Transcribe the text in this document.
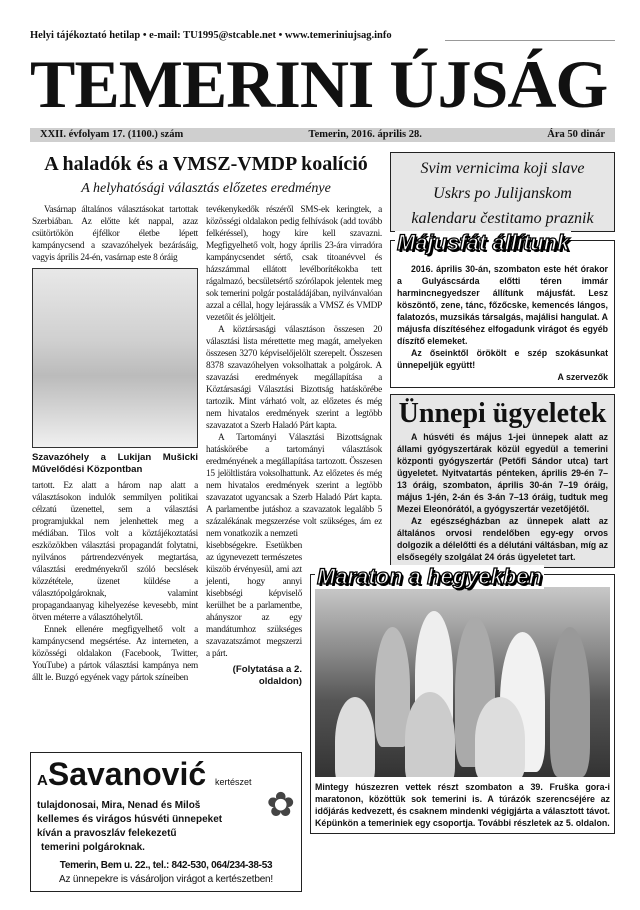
Helyi tájékoztató hetilap • e-mail: TU1995@stcable.net • www.temeriniujsag.info
TEMERINI ÚJSÁG
XXII. évfolyam 17. (1100.) szám	Temerin, 2016. április 28.	Ára 50 dinár
A haladók és a VMSZ-VMDP koalíció
A helyhatósági választás előzetes eredménye

Vasárnap általános választásokat tartottak Szerbiában. Az előtte két nappal, azaz csütörtökön éjfélkor életbe lépett kampánycsend a szavazóhelyek bezárásáig, vagyis április 24-én, vasárnap este 8 óráig

Szavazóhely a Lukijan Mušicki Művelődési Központban

tartott. Ez alatt a három nap alatt a választásokon indulók semmilyen politikai célzatú üzenettel, sem a választási programjukkal nem jelenhettek meg a médiában. Tilos volt a köztájékoztatási eszközökben választási propagandát folytatni, nyilvános pártrendezvények megtartása, választási eredményekről szóló becslések közzététele, üzenet küldése a választópolgároknak, valamint propagandaanyag kihelyezése kevesebb, mint ötven méterre a választóhelytől.

Ennek ellenére megfigyelhető volt a kampánycsend megsértése. Az interneten, a közösségi oldalakon (Facebook, Twitter, YouTube) a pártok választási kampánya nem állt le. Buzgó egyének vagy pártok színeiben

tevékenykedők részéről SMS-ek keringtek, a közösségi oldalakon pedig felhívások (add tovább felkéréssel), hogy kire kell szavazni. Megfigyelhető volt, hogy április 23-ára virradóra kampánycsendet sértő, csak titoanévvel és házszámmal ellátott levélborítékokba tett rágalmazó, becsületsértő szórólapok jelentek meg sok temerini polgár postaládájában, nyilvánvalóan azzal a céllal, hogy lejárassák a VMSZ és VMDP vezetőit és jelöltjeit.

A köztársasági választáson összesen 20 választási lista mérettette meg magát, amelyeken összesen 3270 képviselőjelölt szerepelt. Összesen 8378 szavazóhelyen voksolhattak a polgárok. A szavazási eredmények megállapítása a Köztársasági Választási Bizottság hatáskörébe tartozik. Mint várható volt, az előzetes és még nem hivatalos eredmények szerint a legtöbb szavazatot a Szerb Haladó Párt kapta.

A Tartományi Választási Bizottságnak hatáskörébe a tartományi választások eredményének a megállapítása tartozott. Összesen 15 jelöltlistára voksolhattunk. Az előzetes és még nem hivatalos eredmények szerint a legtöbb szavazatot ugyancsak a Szerb Haladó Párt kapta. A parlamentbe jutáshoz a szavazatok legalább 5 százalékának megszerzése volt szükséges, ám ez nem vonatkozik a nemzeti

kisebbségekre. Esetükben az úgynevezett természetes küszöb érvényesül, ami azt jelenti, hogy annyi kisebbségi képviselő kerülhet be a parlamentbe, ahányszor az egy mandátumhoz szükséges szavazatszámot megszerzi a párt.

(Folytatása a 2. oldaldon)
Svim vernicima koji slave
Uskrs po Julijanskom
kalendaru čestitamo praznik
Májusfát állítunk

2016. április 30-án, szombaton este hét órakor a Gulyáscsárda előtti téren immár harmincnegyedszer állítunk májusfát. Lesz köszöntő, zene, tánc, főzőcske, kemencés lángos, falatozós, muzsikás társalgás, majálisi hangulat. A májusfa díszítéséhez elfogadunk virágot és egyéb díszítő elemeket.

Az őseinktől örökölt e szép szokásunkat ünnepeljük együtt!

A szervezők
Ünnepi ügyeletek

A húsvéti és május 1-jei ünnepek alatt az állami gyógyszertárak közül egyedül a temerini központi gyógyszertár (Petőfi Sándor utca) tart ügyeletet. Nyitvatartás pénteken, április 29-én 7–13 óráig, szombaton, április 30-án 7–19 óráig, május 1-jén, 2-án és 3-án 7–13 óráig, tudtuk meg Mezei Eleonórától, a gyógyszertár vezetőjétől.

Az egészségházban az ünnepek alatt az általános orvosi rendelőben egy-egy orvos dolgozik a délelőtti és a délutáni váltásban, míg az elsősegély szolgálat 24 órás ügyeletet tart.

Maraton a hegyekben
Mintegy húszezren vettek részt szombaton a 39. Fruška gora-i maratonon, közöttük sok temerini is. A túrázók szerencséjére az időjárás kedvezett, és csaknem mindenki végigjárta a választott távot. Képünkön a temeriniek egy csoportja. További részletek az 5. oldalon.
✿
ASavanović kertészet
tulajdonosai, Mira, Nenad és Miloš
kellemes és virágos húsvéti ünnepeket
kíván a pravoszláv felekezetű
temerini polgároknak.
Temerin, Bem u. 22., tel.: 842-530, 064/234-38-53
Az ünnepekre is vásároljon virágot a kertészetben!
